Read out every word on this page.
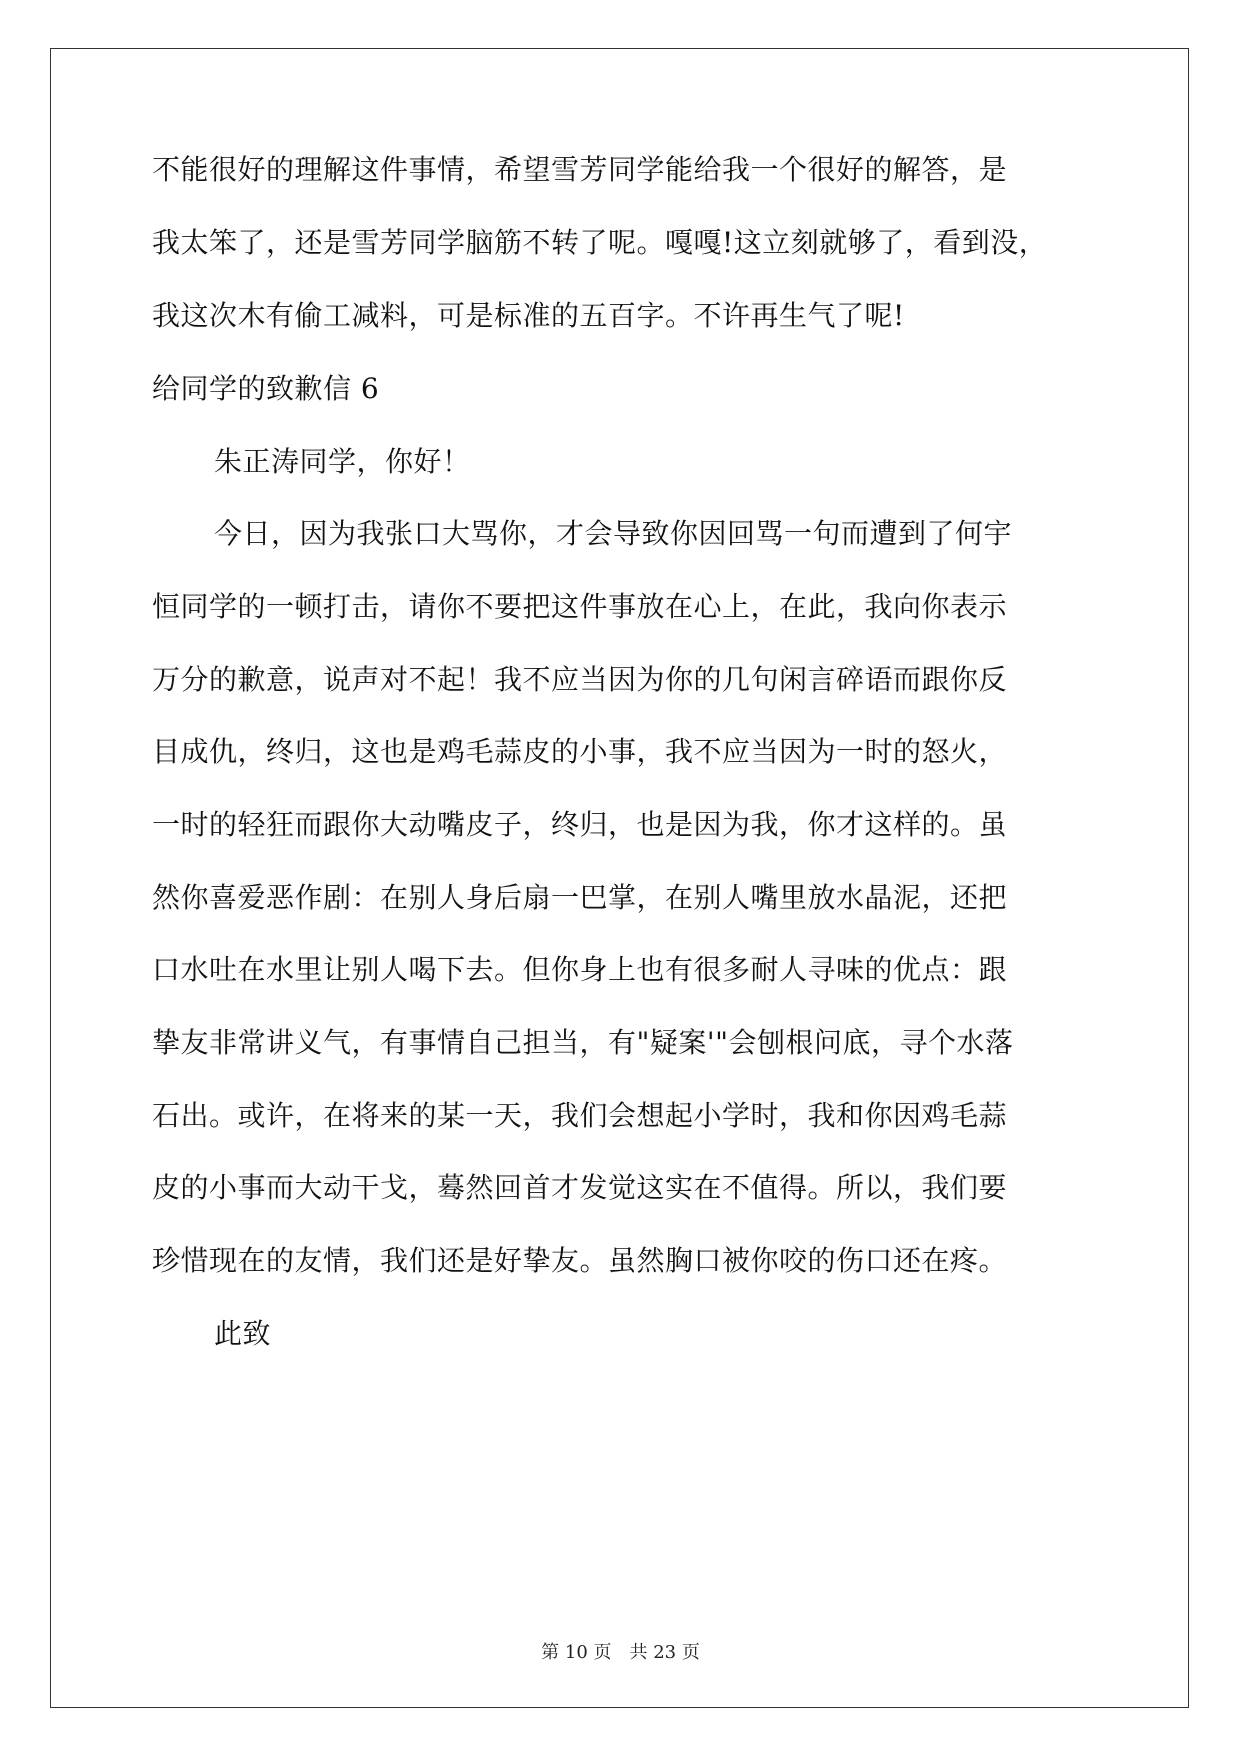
不能很好的理解这件事情，希望雪芳同学能给我一个很好的解答，是
我太笨了，还是雪芳同学脑筋不转了呢。嘎嘎!这立刻就够了，看到没，
我这次木有偷工减料，可是标准的五百字。不许再生气了呢!
给同学的致歉信 6
朱正涛同学，你好！
今日，因为我张口大骂你，才会导致你因回骂一句而遭到了何宇
恒同学的一顿打击，请你不要把这件事放在心上，在此，我向你表示
万分的歉意，说声对不起！我不应当因为你的几句闲言碎语而跟你反
目成仇，终归，这也是鸡毛蒜皮的小事，我不应当因为一时的怒火，
一时的轻狂而跟你大动嘴皮子，终归，也是因为我，你才这样的。虽
然你喜爱恶作剧：在别人身后扇一巴掌，在别人嘴里放水晶泥，还把
口水吐在水里让别人喝下去。但你身上也有很多耐人寻味的优点：跟
挚友非常讲义气，有事情自己担当，有"疑案'"会刨根问底，寻个水落
石出。或许，在将来的某一天，我们会想起小学时，我和你因鸡毛蒜
皮的小事而大动干戈，蓦然回首才发觉这实在不值得。所以，我们要
珍惜现在的友情，我们还是好挚友。虽然胸口被你咬的伤口还在疼。
此致
第 10 页　共 23 页
